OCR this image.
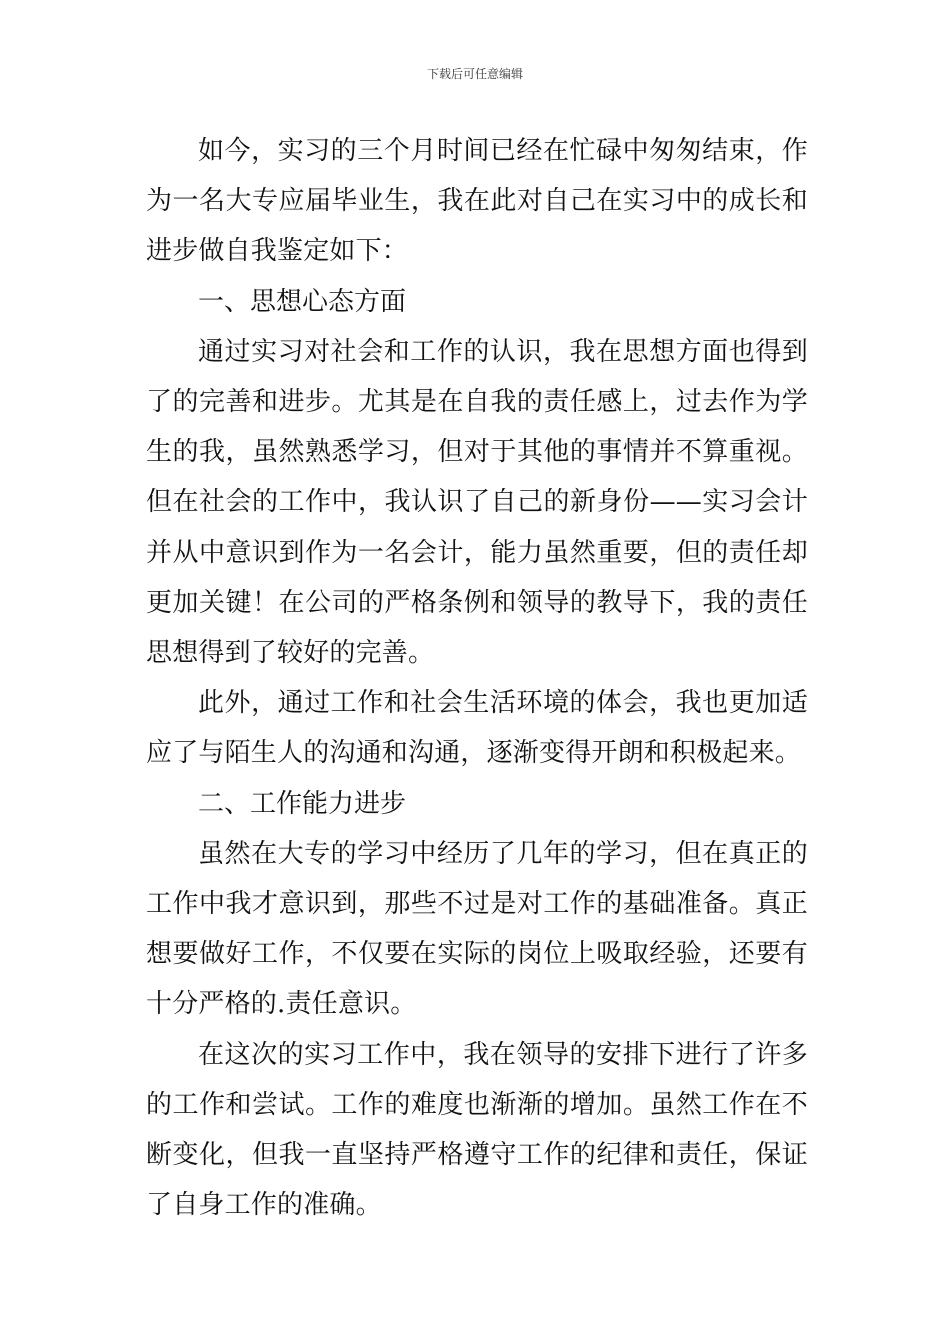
下载后可任意编辑

如今，实习的三个月时间已经在忙碌中匆匆结束，作为一名大专应届毕业生，我在此对自己在实习中的成长和进步做自我鉴定如下：

一、思想心态方面

通过实习对社会和工作的认识，我在思想方面也得到了的完善和进步。尤其是在自我的责任感上，过去作为学生的我，虽然熟悉学习，但对于其他的事情并不算重视。但在社会的工作中，我认识了自己的新身份——实习会计并从中意识到作为一名会计，能力虽然重要，但的责任却更加关键！在公司的严格条例和领导的教导下，我的责任思想得到了较好的完善。

此外，通过工作和社会生活环境的体会，我也更加适应了与陌生人的沟通和沟通，逐渐变得开朗和积极起来。

二、工作能力进步

虽然在大专的学习中经历了几年的学习，但在真正的工作中我才意识到，那些不过是对工作的基础准备。真正想要做好工作，不仅要在实际的岗位上吸取经验，还要有十分严格的.责任意识。

在这次的实习工作中，我在领导的安排下进行了许多的工作和尝试。工作的难度也渐渐的增加。虽然工作在不断变化，但我一直坚持严格遵守工作的纪律和责任，保证了自身工作的准确。
